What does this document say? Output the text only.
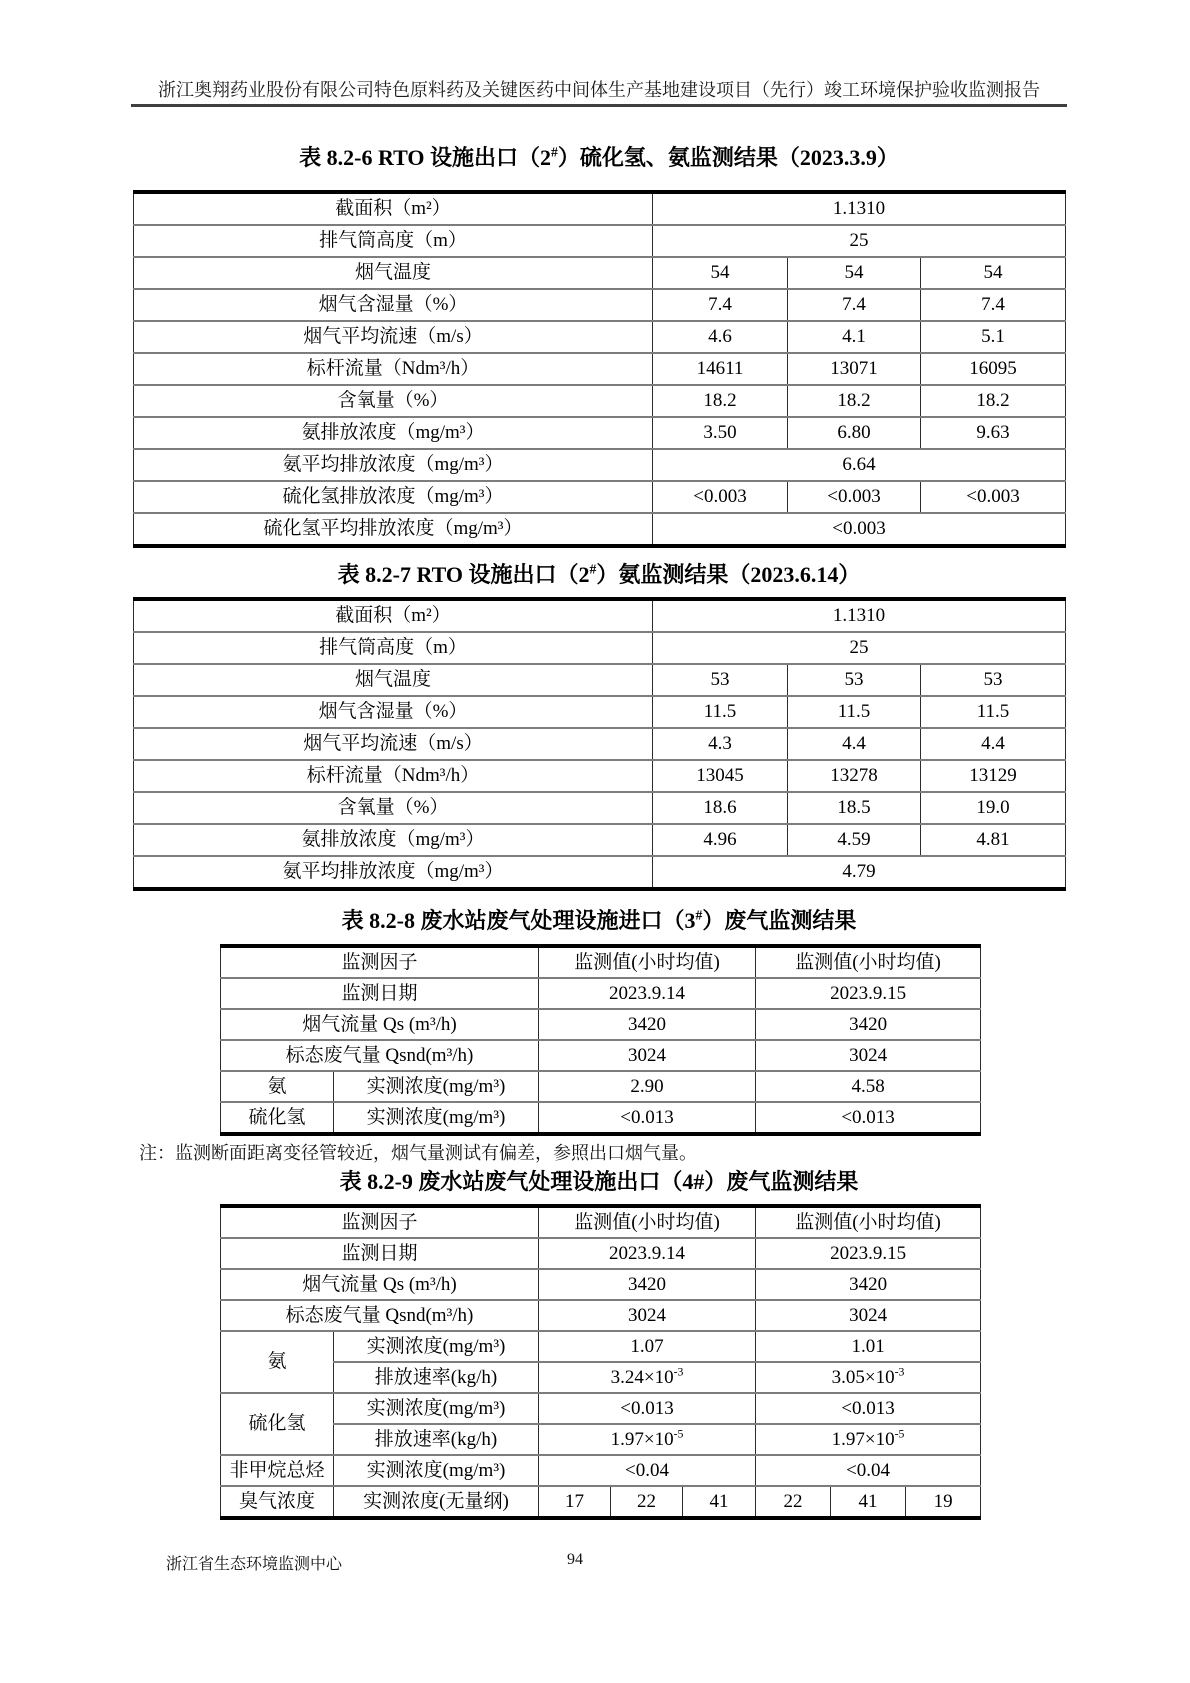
浙江奥翔药业股份有限公司特色原料药及关键医药中间体生产基地建设项目（先行）竣工环境保护验收监测报告
表 8.2-6 RTO 设施出口（2#）硫化氢、氨监测结果（2023.3.9）
截面积（m²）	1.1310		
排气筒高度（m）	25		
烟气温度	54	54	54
烟气含湿量（%）	7.4	7.4	7.4
烟气平均流速（m/s）	4.6	4.1	5.1
标杆流量（Ndm³/h）	14611	13071	16095
含氧量（%）	18.2	18.2	18.2
氨排放浓度（mg/m³）	3.50	6.80	9.63
氨平均排放浓度（mg/m³）	6.64		
硫化氢排放浓度（mg/m³）	<0.003	<0.003	<0.003
硫化氢平均排放浓度（mg/m³）	<0.003		
表 8.2-7 RTO 设施出口（2#）氨监测结果（2023.6.14）
截面积（m²）	1.1310		
排气筒高度（m）	25		
烟气温度	53	53	53
烟气含湿量（%）	11.5	11.5	11.5
烟气平均流速（m/s）	4.3	4.4	4.4
标杆流量（Ndm³/h）	13045	13278	13129
含氧量（%）	18.6	18.5	19.0
氨排放浓度（mg/m³）	4.96	4.59	4.81
氨平均排放浓度（mg/m³）	4.79		
表 8.2-8 废水站废气处理设施进口（3#）废气监测结果
监测因子		监测值(小时均值)	监测值(小时均值)
监测日期		2023.9.14	2023.9.15
烟气流量 Qs (m³/h)		3420	3420
标态废气量 Qsnd(m³/h)		3024	3024
氨	实测浓度(mg/m³)	2.90	4.58
硫化氢	实测浓度(mg/m³)	<0.013	<0.013
注：监测断面距离变径管较近，烟气量测试有偏差，参照出口烟气量。
表 8.2-9 废水站废气处理设施出口（4#）废气监测结果
监测因子		监测值(小时均值)			监测值(小时均值)		
监测日期		2023.9.14			2023.9.15		
烟气流量 Qs (m³/h)		3420			3420		
标态废气量 Qsnd(m³/h)		3024			3024		
氨	实测浓度(mg/m³)	1.07			1.01		
	排放速率(kg/h)	$3.24\times 10^{-3}$			$3.05\times 10^{-3}$
硫化氢	实测浓度(mg/m³)	<0.013			<0.013		
	排放速率(kg/h)	$1.97\times 10^{-5}$			$1.97\times 10^{-5}$
非甲烷总烃	实测浓度(mg/m³)	<0.04			<0.04		
臭气浓度	实测浓度(无量纲)	17	22	41	22	41	19
浙江省生态环境监测中心	94
